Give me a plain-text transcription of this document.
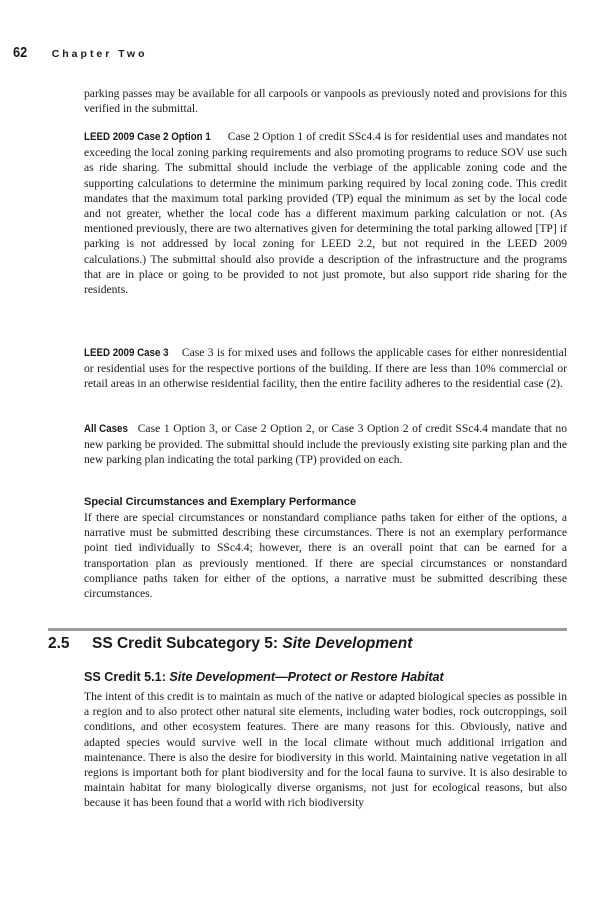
62 Chapter Two

parking passes may be available for all carpools or vanpools as previously noted and provisions for this verified in the submittal.

LEED 2009 Case 2 Option 1 Case 2 Option 1 of credit SSc4.4 is for residential uses and mandates not exceeding the local zoning parking requirements and also promoting programs to reduce SOV use such as ride sharing. The submittal should include the verbiage of the applicable zoning code and the supporting calculations to determine the minimum parking required by local zoning code. This credit mandates that the maximum total parking provided (TP) equal the minimum as set by the local code and not greater, whether the local code has a different maximum parking calculation or not. (As mentioned previously, there are two alternatives given for determining the total parking allowed [TP] if parking is not addressed by local zoning for LEED 2.2, but not required in the LEED 2009 calculations.) The submittal should also provide a description of the infrastructure and the programs that are in place or going to be provided to not just promote, but also support ride sharing for the residents.

LEED 2009 Case 3 Case 3 is for mixed uses and follows the applicable cases for either nonresidential or residential uses for the respective portions of the building. If there are less than 10% commercial or retail areas in an otherwise residential facility, then the entire facility adheres to the residential case (2).

All Cases Case 1 Option 3, or Case 2 Option 2, or Case 3 Option 2 of credit SSc4.4 mandate that no new parking be provided. The submittal should include the previously existing site parking plan and the new parking plan indicating the total parking (TP) provided on each.

Special Circumstances and Exemplary Performance

If there are special circumstances or nonstandard compliance paths taken for either of the options, a narrative must be submitted describing these circumstances. There is not an exemplary performance point tied individually to SSc4.4; however, there is an overall point that can be earned for a transportation plan as previously mentioned. If there are special circumstances or nonstandard compliance paths taken for either of the options, a narrative must be submitted describing these circumstances.

2.5	SS Credit Subcategory 5: Site Development
SS Credit 5.1: Site Development—Protect or Restore Habitat

The intent of this credit is to maintain as much of the native or adapted biological species as possible in a region and to also protect other natural site elements, including water bodies, rock outcroppings, soil conditions, and other ecosystem features. There are many reasons for this. Obviously, native and adapted species would survive well in the local climate without much additional irrigation and maintenance. There is also the desire for biodiversity in this world. Maintaining native vegetation in all regions is important both for plant biodiversity and for the local fauna to survive. It is also desirable to maintain habitat for many biologically diverse organisms, not just for ecological reasons, but also because it has been found that a world with rich biodiversity
